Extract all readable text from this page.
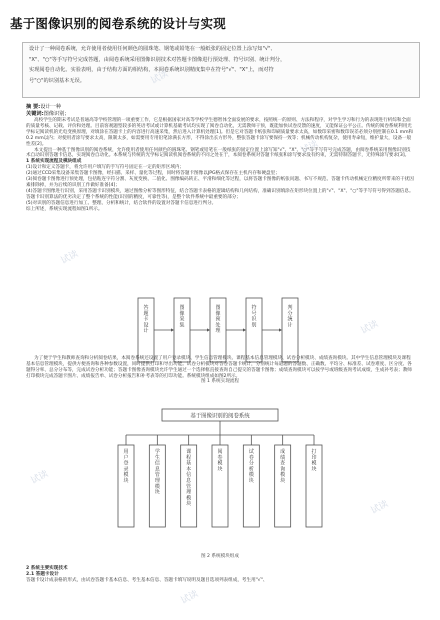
基于图像识别的阅卷系统的设计与实现

设计了一种阅卷系统，允许使用者使用任何颜色的圆珠笔、钢笔或铅笔在一般纸张的固定位置上涂写知"√"、

"X"、"○"等手写符号完成答题，由阅卷系统采用图像识别技术对答题卡图像进行预处理、符号识别、统计判分，

实现阅卷自动化。实验表明，由于结构方面的相结构，本阅卷系统识别精度集中在符号"√"、"X"上，而对符

号"○"的识别基本无误。

摘 要:设计一种
关键词:图像识别；

高校学生的期末考试是普通高等学校管理的一项重要工作，它是根据国家对高等学校学生德智体全面发展的要求，按照统一的原则、方法和程序，对学生学习和行为的表现进行析综和全面的质量考核、记载、评价和处理。目前客观题型较多的英语考试或计算机基础考试均实现了阅卷自动化，无需教师干预，既能加快试卷反馈的速度，又能保证公平公正。传统的阅卷系统利用光学标记阅读机的光电变换原理，对填涂在答题卡上的内容进行高速采集，然后进入计算机处理[1]。但是它对答题卡纸张和印刷质量要求太高，如数印采密和数印误差必须分别控制在0.1 mm和0.2 mm以内；对使用者涂写要求太高，限制太多，如需要用专用铅笔涂满长方形，不得涂出长方形外，整张答题卡涂写要保持一致等；机械传动机构复杂，使用寿命短，维护量大，设备一般性差[2]。

本文提出一种基于图像识别的阅卷系统，允许使用者使用任何颜色的圆珠笔、钢笔或铅笔在一般纸张的固定位置上涂写知"√"、"X"、"○"等手写符号完成答题，由阅卷系统采用图像识别技术自动识别答题卡信息，实现阅卷自动化。本系统与传统的光学标记阅读机阅卷系统的不同之处在于，本阅卷系统对答题卡纸张和涂写要求没有约束，无需特制答题卡，无特殊涂写要求[3]。

1 系统实现流程及模块组成

(1)设计和定义答题卡，将允许用户填写的手写符号固定在一定的矩形区域内；

(2)通过CCD采集设备采集答题卡图像，经扫描、采样、量化等过程，同时将答题卡图像以JPG格式保存在主机内存和硬盘里；

(3)阅卷题卡图像进行预处理，包括粘连字符分割、灰度变换、二值化、图像编码转正、平滑和细化等过程，以将答题卡图像的纸张问题、书写不规范、答题卡传动机械定位精度所带来的干扰因素排除掉，并为后续的识别工作做好准备[4]；

(4)答题卡图像进行识别，采用答题卡识别模块，通过图像分析等图形特征，结合答题卡表格的逻辑结构和几何结构，准确识别填涂在矩形块位置上的"√"、"X"、"○"等手写符号得到答题信息。答题卡识别算法的优劣决定了整个系统的性能(识别的精度，可靠性等)，是整个软件系统中最重要的部分；

(5)对识别的答题信息进行加工、整理、分析和统计，结合软件的设置对答题卡信息进行判分。

综上所述，系统实现流程如图1所示。

答
题
卡
设
计
图
像
采
集
图
像
预
处
理
符
号
识
别
判
分
统
计
图 1 系统实现流程

为了便于学生和教师查询和分析阅卷结果，本阅卷系统还设置了用户登录模块、学生信息管理模块、课程基本信息管理模块、试卷分析模块、成绩查询模块。其中学生信息管理模块及课程基本信息管理模块，提供方便查询和各种参数设置，同时提供打印和导出功能。试卷分析模块对答卷答题卡统计，分别统计每道题的答题数、正确数、平均分、标准差、试卷难度、区分度、各题得分率、总分分布等，完成试卷分析功能；答题卡图像查询模块允许学生通过一个选择框直接查询自己提交的答题卡图像；成绩查询模块可以按学号或班级查询考试成绩，生成补考表；教师打印模块完成答题卡图片、成绩报告单、试卷分析报告和补考表等的打印功能。系统模块组成如图2所示。

基于图像识别的阅卷系统
用
户
登
录
模
块
学
生
信
息
管
理
模
块
课
程
基
本
信
息
管
理
模
块
阅
卷
模
块
试
卷
分
析
模
块
成
绩
查
询
模
块
打
印
模
块
图 2 系统模块组成

2 系统主要实现技术

2.1 答题卡设计

答题卡设计成表格的形式，由试卷答题卡基本信息、考生基本信息、答题卡填写说明及题目选项列表组成，考生用"√"、

试读
试读
试读
试读
试读
试读
试读
